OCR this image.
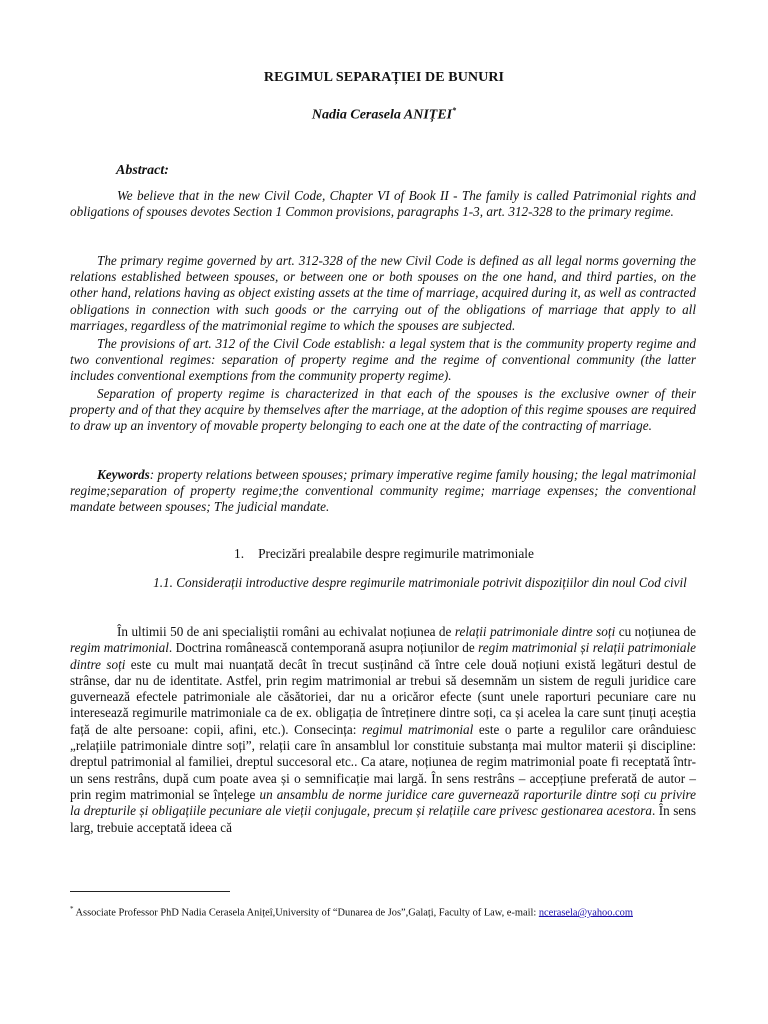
REGIMUL SEPARAȚIEI DE BUNURI
Nadia Cerasela ANIȚEI*
Abstract:
We believe that in the new Civil Code, Chapter VI of Book II - The family is called Patrimonial rights and obligations of spouses devotes Section 1 Common provisions, paragraphs 1-3, art. 312-328 to the primary regime.
The primary regime governed by art. 312-328 of the new Civil Code is defined as all legal norms governing the relations established between spouses, or between one or both spouses on the one hand, and third parties, on the other hand, relations having as object existing assets at the time of marriage, acquired during it, as well as contracted obligations in connection with such goods or the carrying out of the obligations of marriage that apply to all marriages, regardless of the matrimonial regime to which the spouses are subjected.
The provisions of art. 312 of the Civil Code establish: a legal system that is the community property regime and two conventional regimes: separation of property regime and the regime of conventional community (the latter includes conventional exemptions from the community property regime).
Separation of property regime is characterized in that each of the spouses is the exclusive owner of their property and of that they acquire by themselves after the marriage, at the adoption of this regime spouses are required to draw up an inventory of movable property belonging to each one at the date of the contracting of marriage.
Keywords: property relations between spouses; primary imperative regime family housing; the legal matrimonial regime;separation of property regime;the conventional community regime; marriage expenses; the conventional mandate between spouses; The judicial mandate.
1. Precizări prealabile despre regimurile matrimoniale
1.1. Considerații introductive despre regimurile matrimoniale potrivit dispozițiilor din noul Cod civil
În ultimii 50 de ani specialiștii români au echivalat noțiunea de relații patrimoniale dintre soți cu noțiunea de regim matrimonial. Doctrina românească contemporană asupra noțiunilor de regim matrimonial și relații patrimoniale dintre soți este cu mult mai nuanțată decât în trecut susținând că între cele două noțiuni există legături destul de strânse, dar nu de identitate. Astfel, prin regim matrimonial ar trebui să desemnăm un sistem de reguli juridice care guvernează efectele patrimoniale ale căsătoriei, dar nu a oricăror efecte (sunt unele raporturi pecuniare care nu interesează regimurile matrimoniale ca de ex. obligația de întreținere dintre soți, ca și acelea la care sunt ținuți aceștia față de alte persoane: copii, afini, etc.). Consecința: regimul matrimonial este o parte a regulilor care orânduiesc „relațiile patrimoniale dintre soți”, relații care în ansamblul lor constituie substanța mai multor materii și discipline: dreptul patrimonial al familiei, dreptul succesoral etc.. Ca atare, noțiunea de regim matrimonial poate fi receptată într-un sens restrâns, după cum poate avea și o semnificație mai largă. În sens restrâns – accepțiune preferată de autor – prin regim matrimonial se înțelege un ansamblu de norme juridice care guvernează raporturile dintre soți cu privire la drepturile și obligațiile pecuniare ale vieții conjugale, precum și relațiile care privesc gestionarea acestora. În sens larg, trebuie acceptată ideea că
* Associate Professor PhD Nadia Cerasela Anițeî,University of “Dunarea de Jos”,Galați, Faculty of Law, e-mail: ncerasela@yahoo.com
